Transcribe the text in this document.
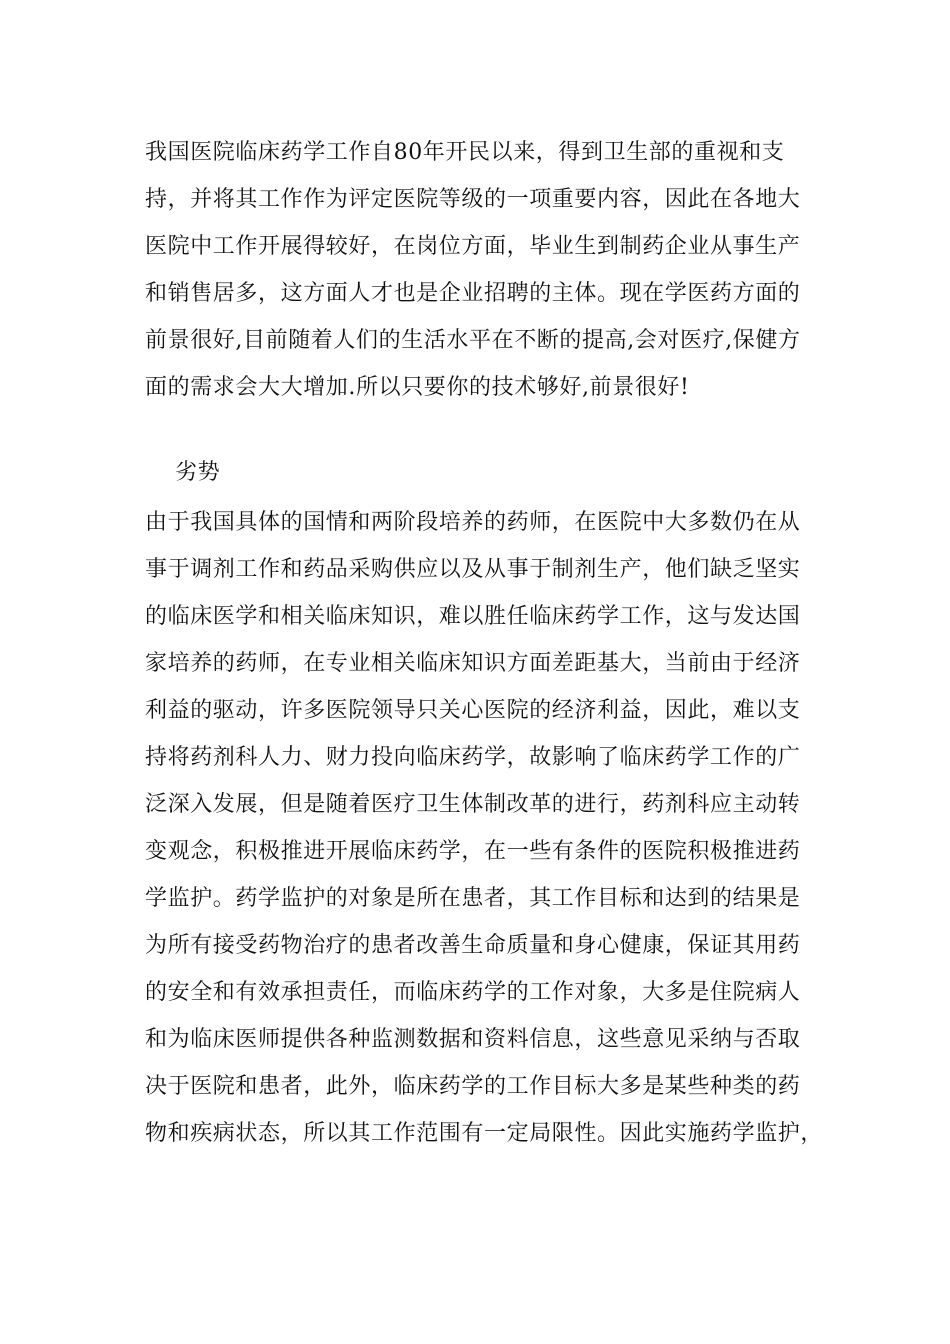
我国医院临床药学工作自80年开民以来，得到卫生部的重视和支

持，并将其工作作为评定医院等级的一项重要内容，因此在各地大

医院中工作开展得较好，在岗位方面，毕业生到制药企业从事生产

和销售居多，这方面人才也是企业招聘的主体。现在学医药方面的

前景很好,目前随着人们的生活水平在不断的提高,会对医疗,保健方

面的需求会大大增加.所以只要你的技术够好,前景很好!

劣势

由于我国具体的国情和两阶段培养的药师，在医院中大多数仍在从

事于调剂工作和药品采购供应以及从事于制剂生产，他们缺乏坚实

的临床医学和相关临床知识，难以胜任临床药学工作，这与发达国

家培养的药师，在专业相关临床知识方面差距基大，当前由于经济

利益的驱动，许多医院领导只关心医院的经济利益，因此，难以支

持将药剂科人力、财力投向临床药学，故影响了临床药学工作的广

泛深入发展，但是随着医疗卫生体制改革的进行，药剂科应主动转

变观念，积极推进开展临床药学，在一些有条件的医院积极推进药

学监护。药学监护的对象是所在患者，其工作目标和达到的结果是

为所有接受药物治疗的患者改善生命质量和身心健康，保证其用药

的安全和有效承担责任，而临床药学的工作对象，大多是住院病人

和为临床医师提供各种监测数据和资料信息，这些意见采纳与否取

决于医院和患者，此外，临床药学的工作目标大多是某些种类的药

物和疾病状态，所以其工作范围有一定局限性。因此实施药学监护，
